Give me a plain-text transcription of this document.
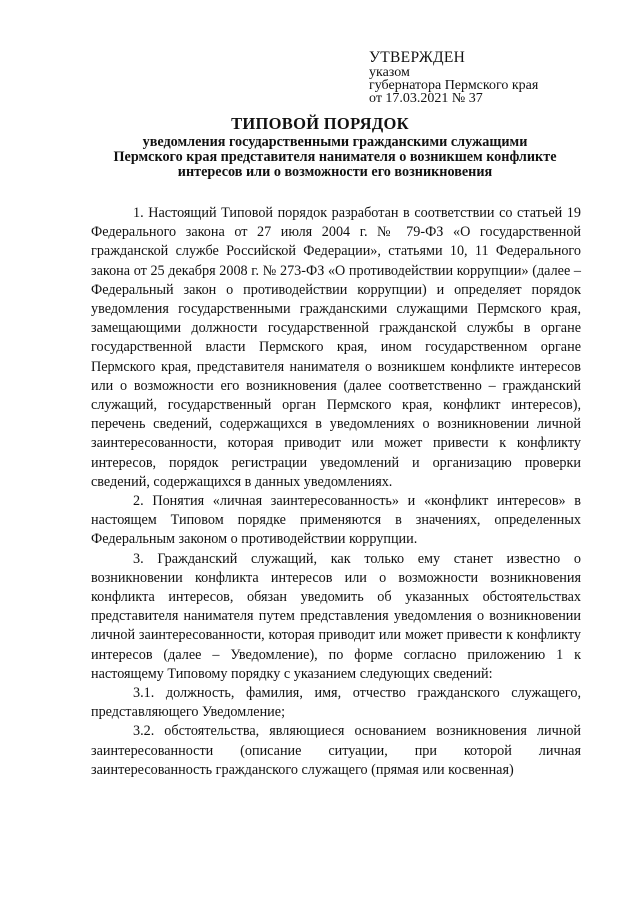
УТВЕРЖДЕН
указом
губернатора Пермского края
от 17.03.2021 № 37
ТИПОВОЙ ПОРЯДОК
уведомления государственными гражданскими служащими
Пермского края представителя нанимателя о возникшем конфликте
интересов или о возможности его возникновения

1. Настоящий Типовой порядок разработан в соответствии со статьей 19 Федерального закона от 27 июля 2004 г. № 79-ФЗ «О государственной гражданской службе Российской Федерации», статьями 10, 11 Федерального закона от 25 декабря 2008 г. № 273-ФЗ «О противодействии коррупции» (далее – Федеральный закон о противодействии коррупции) и определяет порядок уведомления государственными гражданскими служащими Пермского края, замещающими должности государственной гражданской службы в органе государственной власти Пермского края, ином государственном органе Пермского края, представителя нанимателя о возникшем конфликте интересов или о возможности его возникновения (далее соответственно – гражданский служащий, государственный орган Пермского края, конфликт интересов), перечень сведений, содержащихся в уведомлениях о возникновении личной заинтересованности, которая приводит или может привести к конфликту интересов, порядок регистрации уведомлений и организацию проверки сведений, содержащихся в данных уведомлениях.

2. Понятия «личная заинтересованность» и «конфликт интересов» в настоящем Типовом порядке применяются в значениях, определенных Федеральным законом о противодействии коррупции.

3. Гражданский служащий, как только ему станет известно о возникновении конфликта интересов или о возможности возникновения конфликта интересов, обязан уведомить об указанных обстоятельствах представителя нанимателя путем представления уведомления о возникновении личной заинтересованности, которая приводит или может привести к конфликту интересов (далее – Уведомление), по форме согласно приложению 1 к настоящему Типовому порядку с указанием следующих сведений:

3.1. должность, фамилия, имя, отчество гражданского служащего, представляющего Уведомление;

3.2. обстоятельства, являющиеся основанием возникновения личной заинтересованности (описание ситуации, при которой личная заинтересованность гражданского служащего (прямая или косвенная)
